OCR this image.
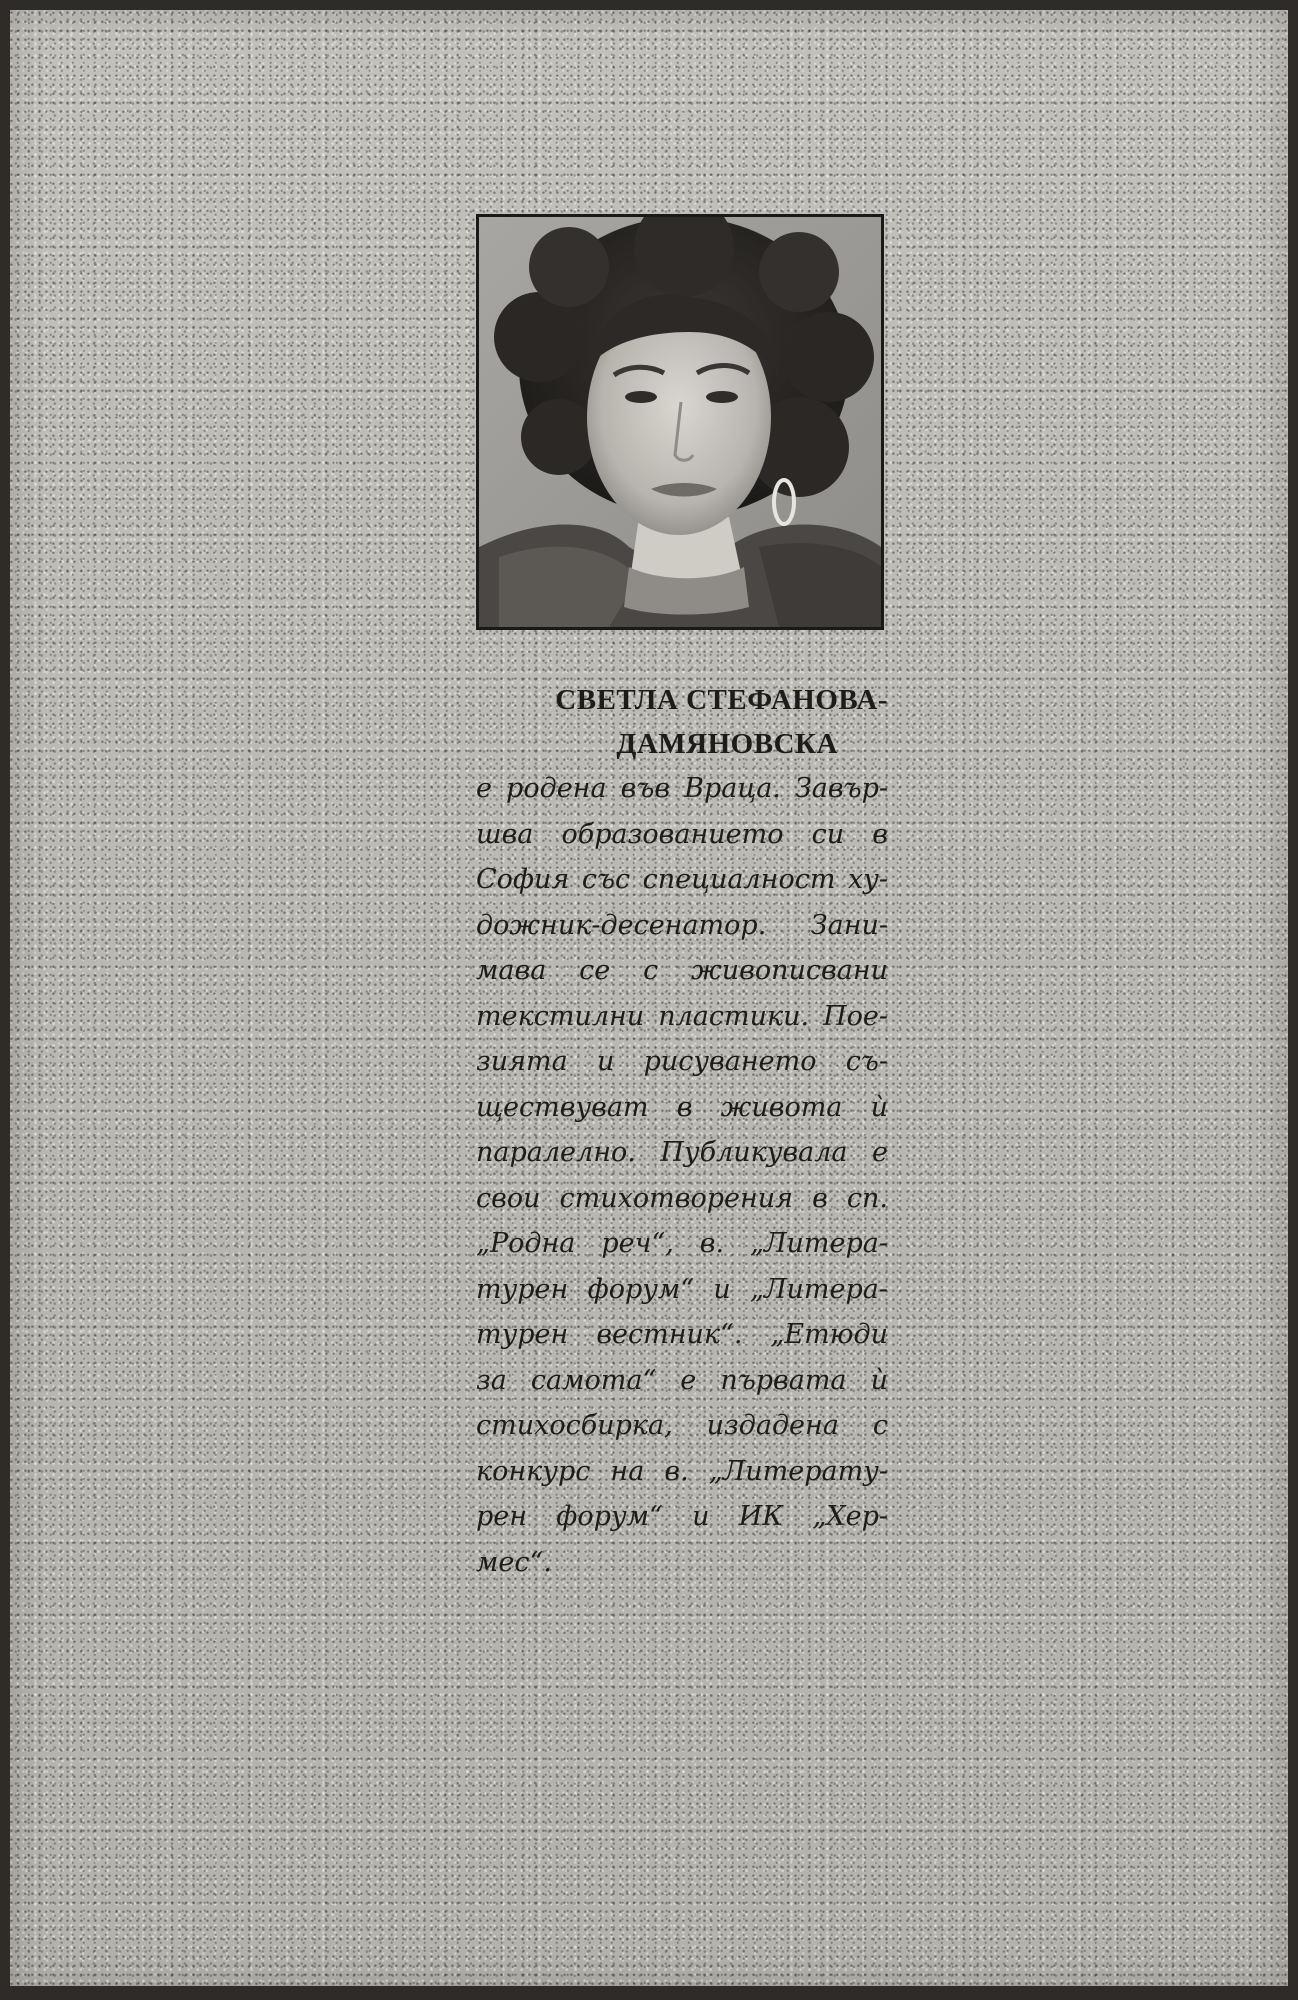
СВЕТЛА СТЕФАНОВА-
ДАМЯНОВСКА
е родена във Враца. Завър-
шва образованието си в
София със специалност ху-
дожник-десенатор. Зани-
мава се с живописвани
текстилни пластики. Пое-
зията и рисуването съ-
ществуват в живота ѝ
паралелно. Публикувала е
свои стихотворения в сп.
„Родна реч“, в. „Литера-
турен форум“ и „Литера-
турен вестник“. „Етюди
за самота“ е първата ѝ
стихосбирка, издадена с
конкурс на в. „Литерату-
рен форум“ и ИК „Хер-
мес“.
